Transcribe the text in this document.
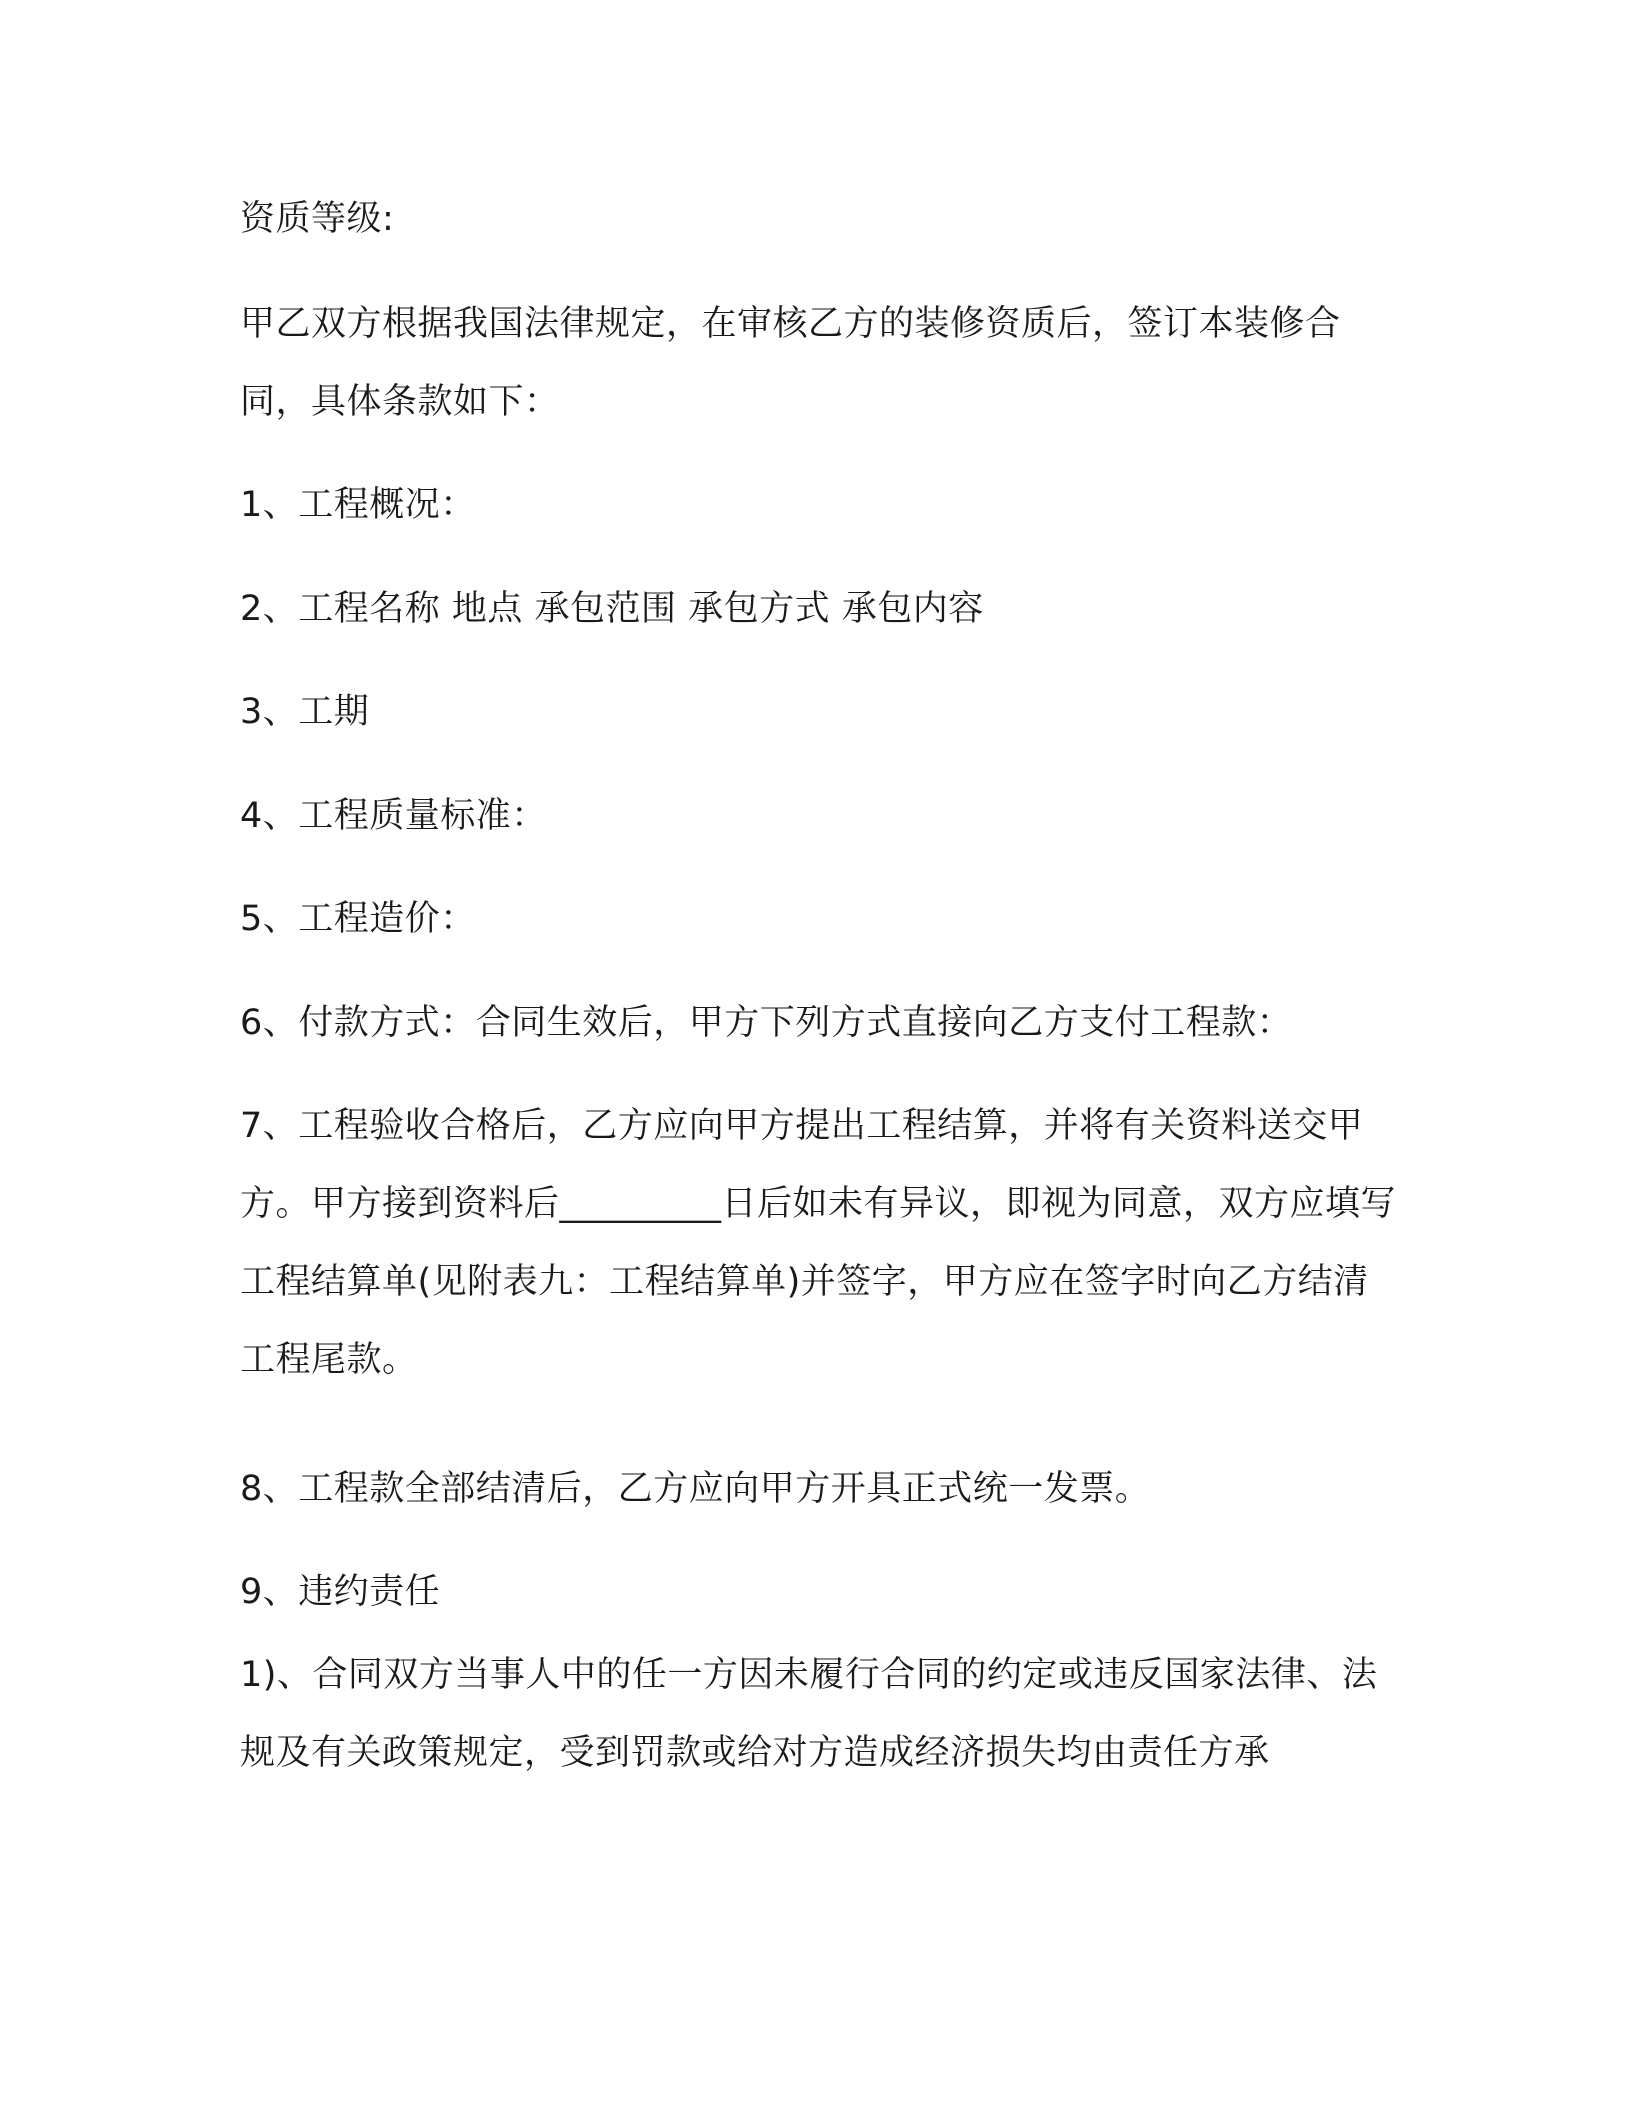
资质等级:
甲乙双方根据我国法律规定，在审核乙方的装修资质后，签订本装修合同，具体条款如下：
1、工程概况：
2、工程名称 地点 承包范围 承包方式 承包内容
3、工期
4、工程质量标准：
5、工程造价：
6、付款方式：合同生效后，甲方下列方式直接向乙方支付工程款：
7、工程验收合格后，乙方应向甲方提出工程结算，并将有关资料送交甲方。甲方接到资料后_________日后如未有异议，即视为同意，双方应填写工程结算单(见附表九：工程结算单)并签字，甲方应在签字时向乙方结清工程尾款。
8、工程款全部结清后，乙方应向甲方开具正式统一发票。
9、违约责任
1)、合同双方当事人中的任一方因未履行合同的约定或违反国家法律、法规及有关政策规定，受到罚款或给对方造成经济损失均由责任方承
